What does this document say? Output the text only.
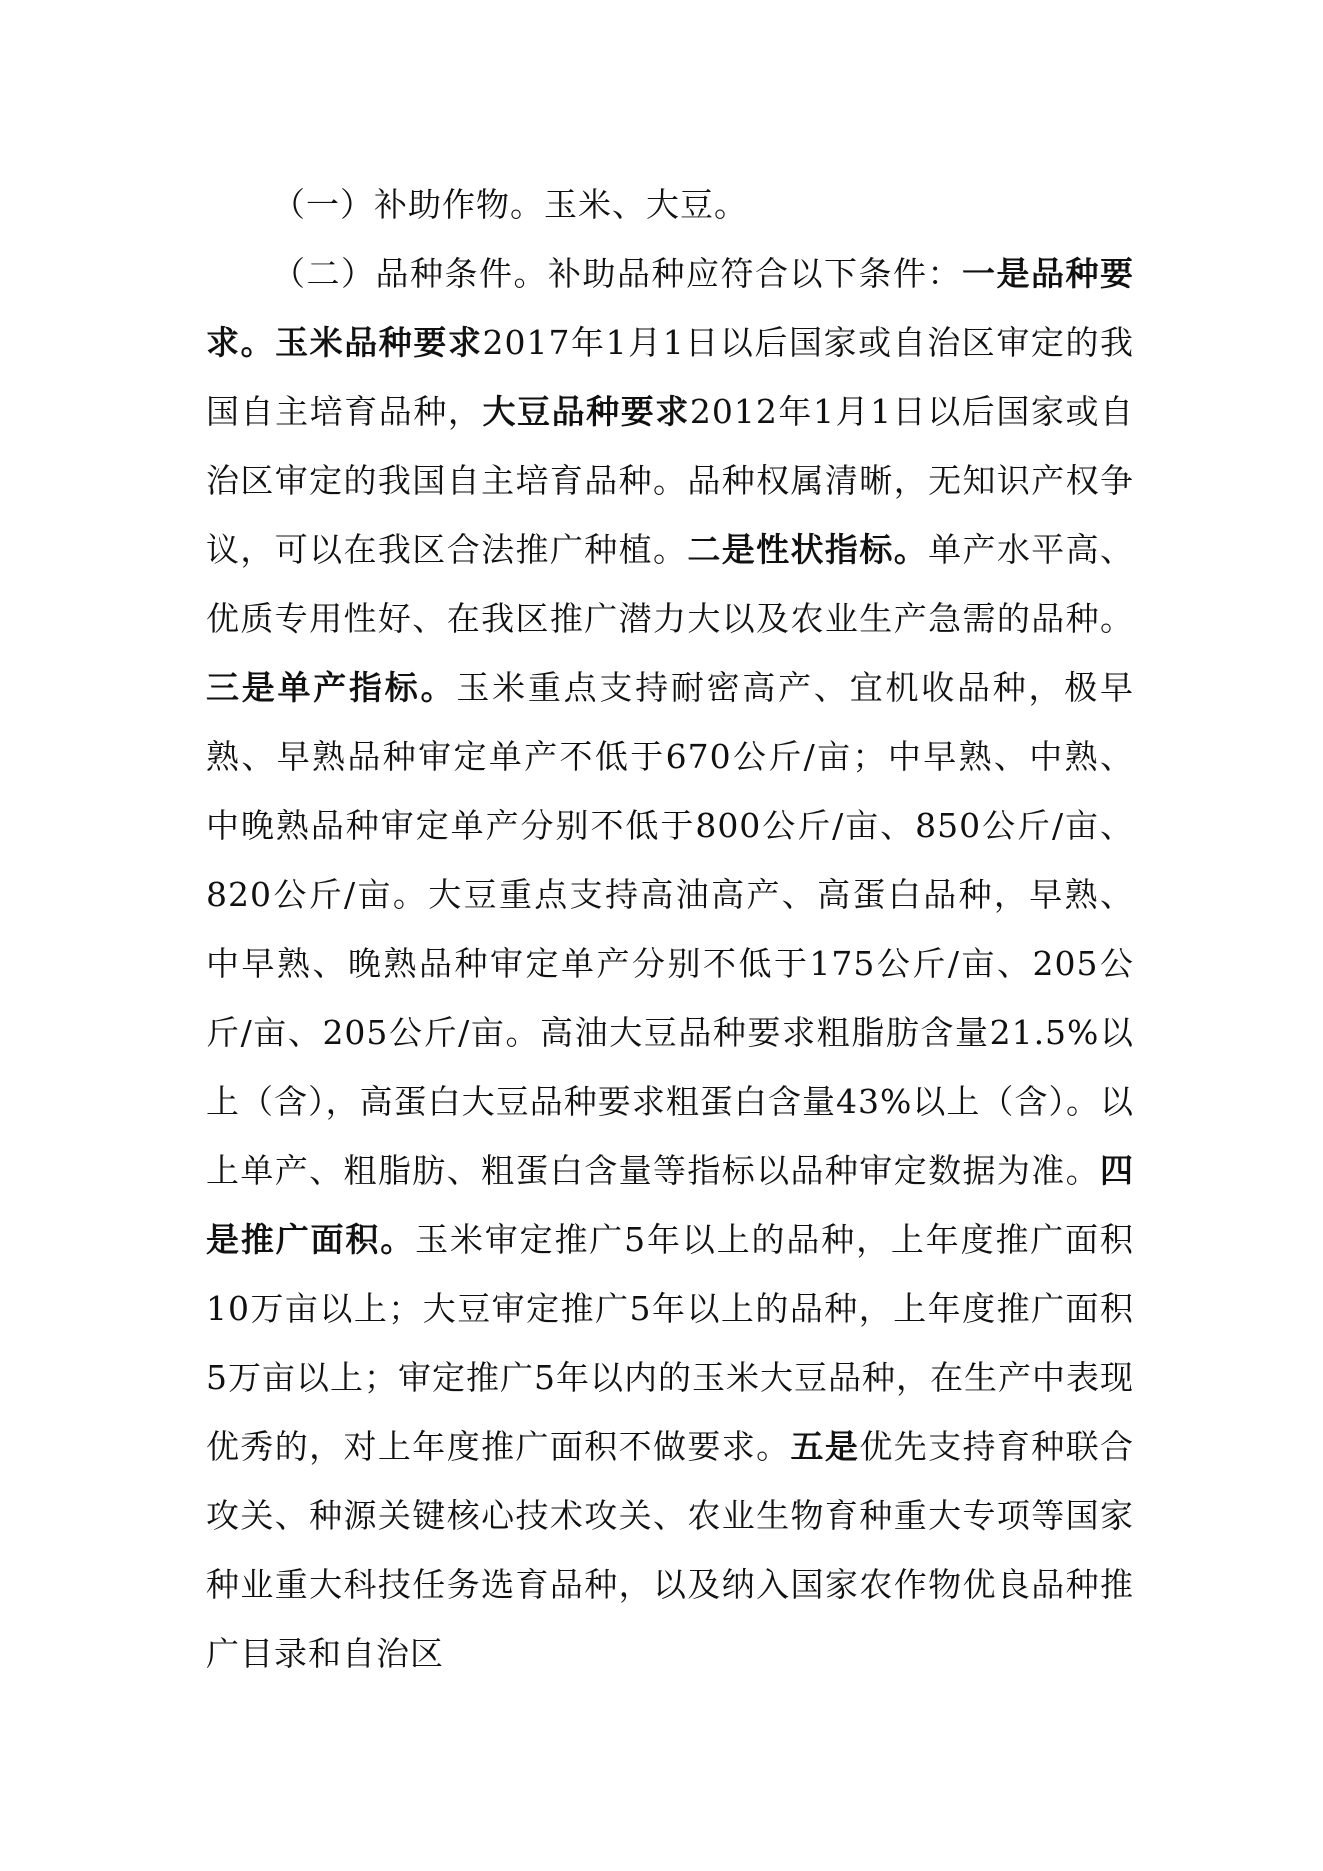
（一）补助作物。玉米、大豆。

（二）品种条件。补助品种应符合以下条件：一是品种要求。玉米品种要求2017年1月1日以后国家或自治区审定的我国自主培育品种，大豆品种要求2012年1月1日以后国家或自治区审定的我国自主培育品种。品种权属清晰，无知识产权争议，可以在我区合法推广种植。二是性状指标。单产水平高、优质专用性好、在我区推广潜力大以及农业生产急需的品种。三是单产指标。玉米重点支持耐密高产、宜机收品种，极早熟、早熟品种审定单产不低于670公斤/亩；中早熟、中熟、中晚熟品种审定单产分别不低于800公斤/亩、850公斤/亩、820公斤/亩。大豆重点支持高油高产、高蛋白品种，早熟、中早熟、晚熟品种审定单产分别不低于175公斤/亩、205公斤/亩、205公斤/亩。高油大豆品种要求粗脂肪含量21.5%以上（含），高蛋白大豆品种要求粗蛋白含量43%以上（含）。以上单产、粗脂肪、粗蛋白含量等指标以品种审定数据为准。四是推广面积。玉米审定推广5年以上的品种，上年度推广面积10万亩以上；大豆审定推广5年以上的品种，上年度推广面积5万亩以上；审定推广5年以内的玉米大豆品种，在生产中表现优秀的，对上年度推广面积不做要求。五是优先支持育种联合攻关、种源关键核心技术攻关、农业生物育种重大专项等国家种业重大科技任务选育品种，以及纳入国家农作物优良品种推广目录和自治区
